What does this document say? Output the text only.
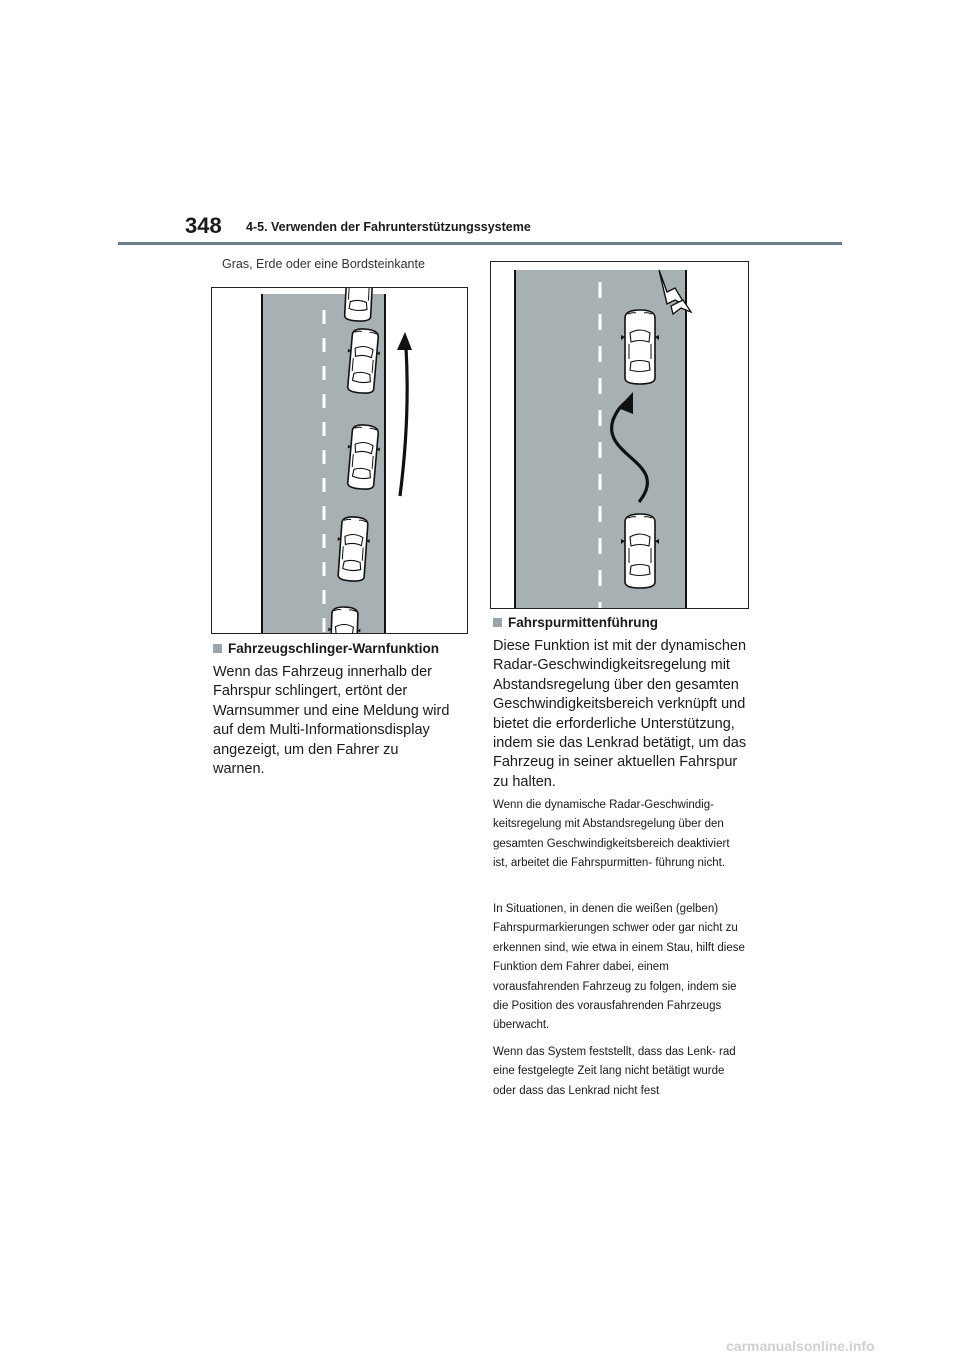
348 4-5. Verwenden der Fahrunterstützungssysteme
Gras, Erde oder eine Bordsteinkante
Fahrzeugschlinger-Warnfunktion
Wenn das Fahrzeug innerhalb der Fahrspur schlingert, ertönt der Warnsummer und eine Meldung wird auf dem Multi-Informationsdisplay angezeigt, um den Fahrer zu warnen.
Fahrspurmittenführung
Diese Funktion ist mit der dynamischen Radar-Geschwindigkeitsregelung mit Abstandsregelung über den gesamten Geschwindigkeitsbereich verknüpft und bietet die erforderliche Unterstützung, indem sie das Lenkrad betätigt, um das Fahrzeug in seiner aktuellen Fahrspur zu halten.
Wenn die dynamische Radar-Geschwindig- keitsregelung mit Abstandsregelung über den gesamten Geschwindigkeitsbereich deaktiviert ist, arbeitet die Fahrspurmitten- führung nicht.
In Situationen, in denen die weißen (gelben) Fahrspurmarkierungen schwer oder gar nicht zu erkennen sind, wie etwa in einem Stau, hilft diese Funktion dem Fahrer dabei, einem vorausfahrenden Fahrzeug zu folgen, indem sie die Position des vorausfahrenden Fahrzeugs überwacht.
Wenn das System feststellt, dass das Lenk- rad eine festgelegte Zeit lang nicht betätigt wurde oder dass das Lenkrad nicht fest
carmanualsonline.info
